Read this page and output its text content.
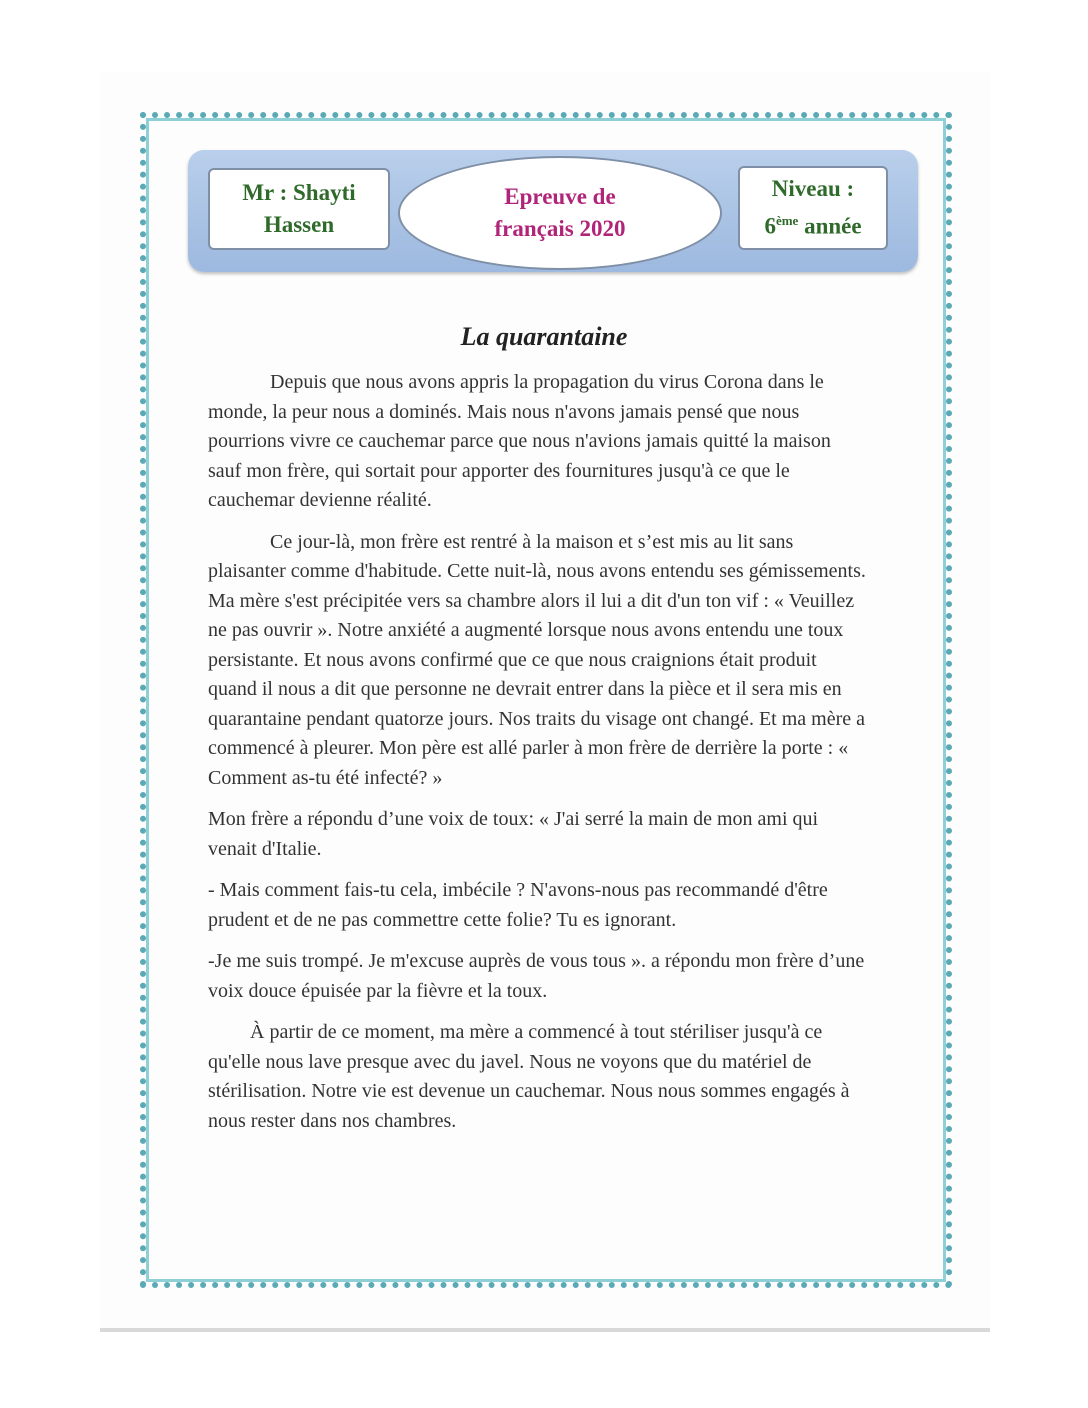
Mr : Shayti
Hassen
Epreuve de
français 2020
Niveau :
6ème année
La quarantaine

Depuis que nous avons appris la propagation du virus Corona dans le monde, la peur nous a dominés. Mais nous n'avons jamais pensé que nous pourrions vivre ce cauchemar parce que nous n'avions jamais quitté la maison sauf mon frère, qui sortait pour apporter des fournitures jusqu'à ce que le cauchemar devienne réalité.

Ce jour-là, mon frère est rentré à la maison et s’est mis au lit sans plaisanter comme d'habitude. Cette nuit-là, nous avons entendu ses gémissements. Ma mère s'est précipitée vers sa chambre alors il lui a dit d'un ton vif : « Veuillez ne pas ouvrir ». Notre anxiété a augmenté lorsque nous avons entendu une toux persistante. Et nous avons confirmé que ce que nous craignions était produit quand il nous a dit que personne ne devrait entrer dans la pièce et il sera mis en quarantaine pendant quatorze jours. Nos traits du visage ont changé. Et ma mère a commencé à pleurer. Mon père est allé parler à mon frère de derrière la porte : « Comment as-tu été infecté? »

Mon frère a répondu d’une voix de toux: « J'ai serré la main de mon ami qui venait d'Italie.

- Mais comment fais-tu cela, imbécile ? N'avons-nous pas recommandé d'être prudent et de ne pas commettre cette folie? Tu es ignorant.

-Je me suis trompé. Je m'excuse auprès de vous tous ». a répondu mon frère d’une voix douce épuisée par la fièvre et la toux.

À partir de ce moment, ma mère a commencé à tout stériliser jusqu'à ce qu'elle nous lave presque avec du javel. Nous ne voyons que du matériel de stérilisation. Notre vie est devenue un cauchemar. Nous nous sommes engagés à nous rester dans nos chambres.
